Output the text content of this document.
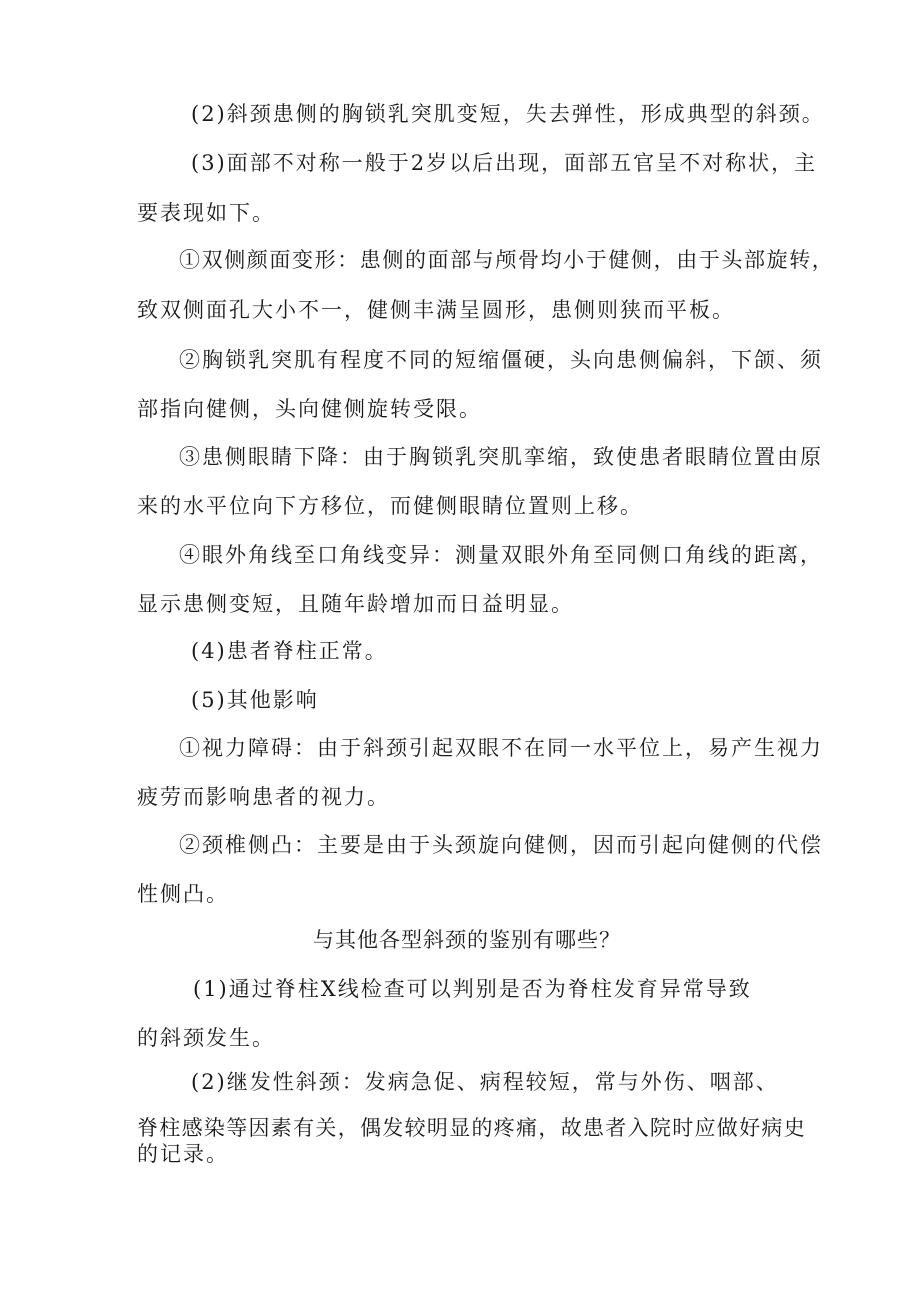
(2)斜颈患侧的胸锁乳突肌变短，失去弹性，形成典型的斜颈。
(3)面部不对称一般于2岁以后出现，面部五官呈不对称状，主
要表现如下。
①双侧颜面变形：患侧的面部与颅骨均小于健侧，由于头部旋转，
致双侧面孔大小不一，健侧丰满呈圆形，患侧则狭而平板。
②胸锁乳突肌有程度不同的短缩僵硬，头向患侧偏斜，下颌、须
部指向健侧，头向健侧旋转受限。
③患侧眼睛下降：由于胸锁乳突肌挛缩，致使患者眼睛位置由原
来的水平位向下方移位，而健侧眼睛位置则上移。
④眼外角线至口角线变异：测量双眼外角至同侧口角线的距离，
显示患侧变短，且随年龄增加而日益明显。
(4)患者脊柱正常。
(5)其他影响
①视力障碍：由于斜颈引起双眼不在同一水平位上，易产生视力
疲劳而影响患者的视力。
②颈椎侧凸：主要是由于头颈旋向健侧，因而引起向健侧的代偿
性侧凸。
与其他各型斜颈的鉴别有哪些？
(1)通过脊柱X线检查可以判别是否为脊柱发育异常导致
的斜颈发生。
(2)继发性斜颈：发病急促、病程较短，常与外伤、咽部、
脊柱感染等因素有关，偶发较明显的疼痛，故患者入院时应做好病史
的记录。
